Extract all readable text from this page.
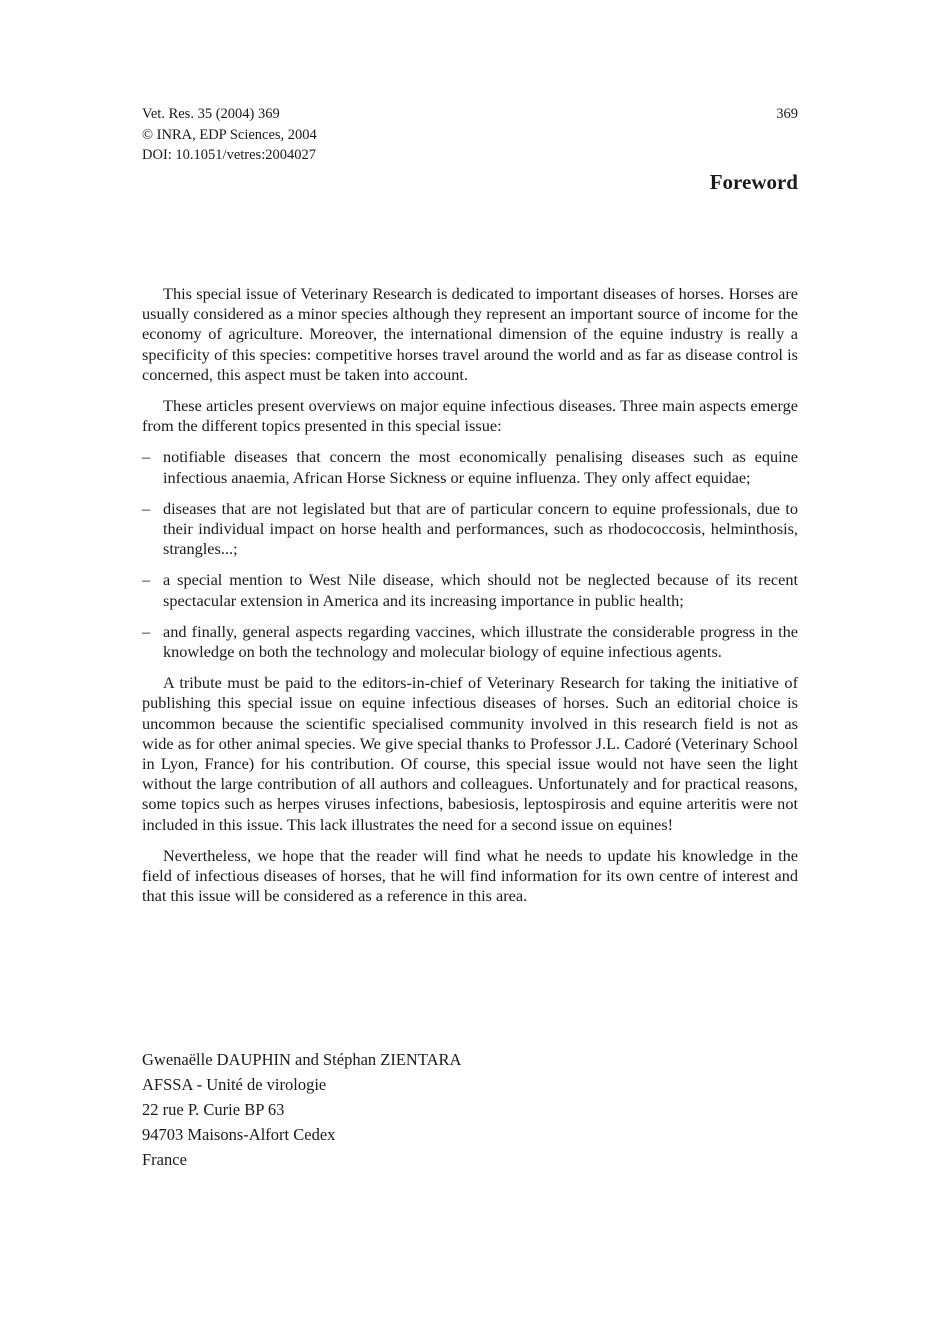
Vet. Res. 35 (2004) 369
© INRA, EDP Sciences, 2004
DOI: 10.1051/vetres:2004027
369
Foreword

This special issue of Veterinary Research is dedicated to important diseases of horses. Horses are usually considered as a minor species although they represent an important source of income for the economy of agriculture. Moreover, the international dimension of the equine industry is really a specificity of this species: competitive horses travel around the world and as far as disease control is concerned, this aspect must be taken into account.

These articles present overviews on major equine infectious diseases. Three main aspects emerge from the different topics presented in this special issue:

– notifiable diseases that concern the most economically penalising diseases such as equine infectious anaemia, African Horse Sickness or equine influenza. They only affect equidae;
– diseases that are not legislated but that are of particular concern to equine professionals, due to their individual impact on horse health and performances, such as rhodococcosis, helminthosis, strangles...;
– a special mention to West Nile disease, which should not be neglected because of its recent spectacular extension in America and its increasing importance in public health;
– and finally, general aspects regarding vaccines, which illustrate the considerable progress in the knowledge on both the technology and molecular biology of equine infectious agents.

A tribute must be paid to the editors-in-chief of Veterinary Research for taking the initiative of publishing this special issue on equine infectious diseases of horses. Such an editorial choice is uncommon because the scientific specialised community involved in this research field is not as wide as for other animal species. We give special thanks to Professor J.L. Cadoré (Veterinary School in Lyon, France) for his contribution. Of course, this special issue would not have seen the light without the large contribution of all authors and colleagues. Unfortunately and for practical reasons, some topics such as herpes viruses infections, babesiosis, leptospirosis and equine arteritis were not included in this issue. This lack illustrates the need for a second issue on equines!

Nevertheless, we hope that the reader will find what he needs to update his knowledge in the field of infectious diseases of horses, that he will find information for its own centre of interest and that this issue will be considered as a reference in this area.

Gwenaëlle DAUPHIN and Stéphan ZIENTARA
AFSSA - Unité de virologie
22 rue P. Curie BP 63
94703 Maisons-Alfort Cedex
France
